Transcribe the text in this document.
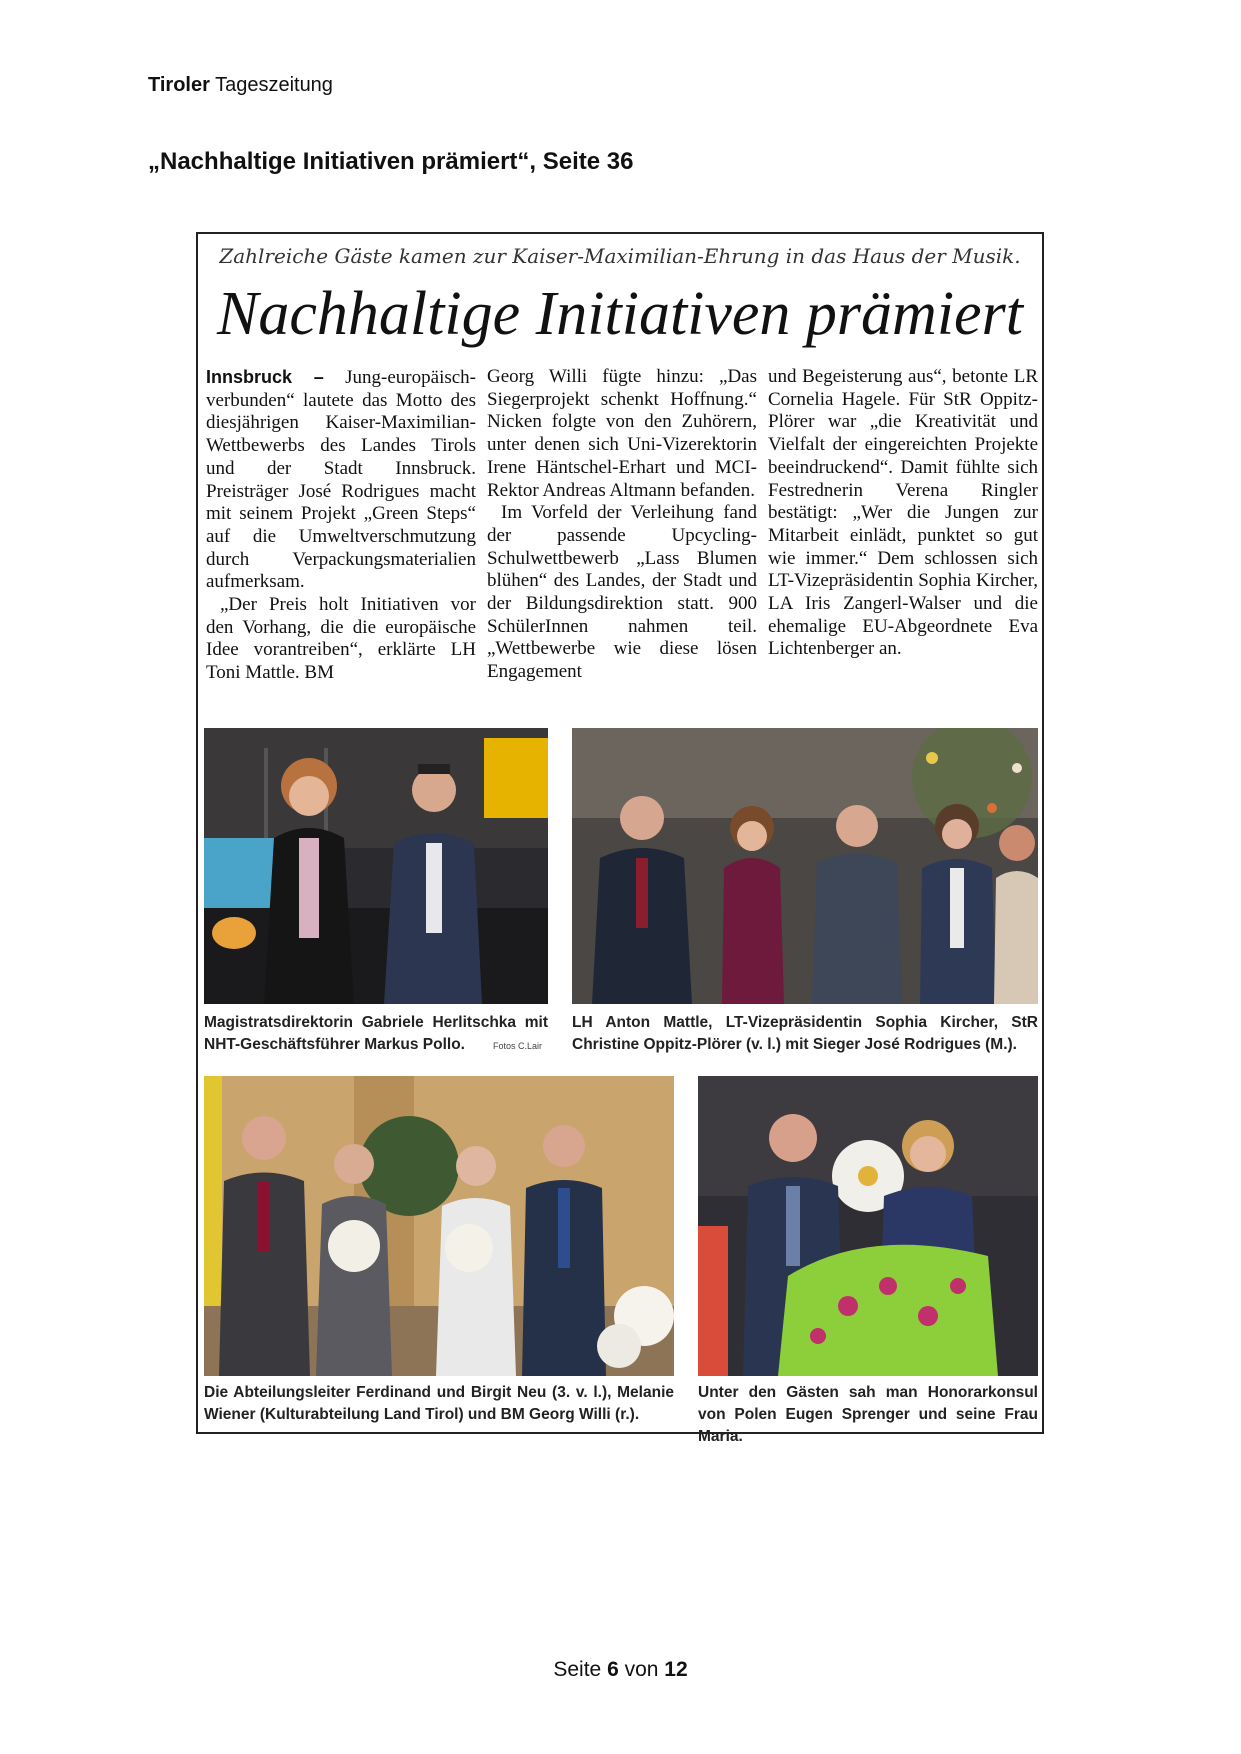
Tiroler Tageszeitung
„Nachhaltige Initiativen prämiert“, Seite 36
Zahlreiche Gäste kamen zur Kaiser-Maximilian-Ehrung in das Haus der Musik.
Nachhaltige Initiativen prämiert

Innsbruck – Jung-europäisch-verbunden“ lautete das Motto des diesjährigen Kaiser-Maximilian-Wettbewerbs des Landes Tirols und der Stadt Innsbruck. Preisträger José Rodrigues macht mit seinem Projekt „Green Steps“ auf die Umweltverschmutzung durch Verpackungsmaterialien aufmerksam.

„Der Preis holt Initiativen vor den Vorhang, die die europäische Idee vorantreiben“, erklärte LH Toni Mattle. BM

Georg Willi fügte hinzu: „Das Siegerprojekt schenkt Hoffnung.“ Nicken folgte von den Zuhörern, unter denen sich Uni-Vizerektorin Irene Häntschel-Erhart und MCI-Rektor Andreas Altmann befanden.

Im Vorfeld der Verleihung fand der passende Upcycling-Schulwettbewerb „Lass Blumen blühen“ des Landes, der Stadt und der Bildungsdirektion statt. 900 SchülerInnen nahmen teil. „Wettbewerbe wie diese lösen Engagement

und Begeisterung aus“, betonte LR Cornelia Hagele. Für StR Oppitz-Plörer war „die Kreativität und Vielfalt der eingereichten Projekte beeindruckend“. Damit fühlte sich Festrednerin Verena Ringler bestätigt: „Wer die Jungen zur Mitarbeit einlädt, punktet so gut wie immer.“ Dem schlossen sich LT-Vizepräsidentin Sophia Kircher, LA Iris Zangerl-Walser und die ehemalige EU-Abgeordnete Eva Lichtenberger an.

Magistratsdirektorin Gabriele Herlitschka mit NHT-Geschäftsführer Markus Pollo.	Fotos C.Lair
LH Anton Mattle, LT-Vizepräsidentin Sophia Kircher, StR Christine Oppitz-Plörer (v. l.) mit Sieger José Rodrigues (M.).
Die Abteilungsleiter Ferdinand und Birgit Neu (3. v. l.), Melanie Wiener (Kulturabteilung Land Tirol) und BM Georg Willi (r.).
Unter den Gästen sah man Honorarkonsul von Polen Eugen Sprenger und seine Frau Maria.
Seite 6 von 12
